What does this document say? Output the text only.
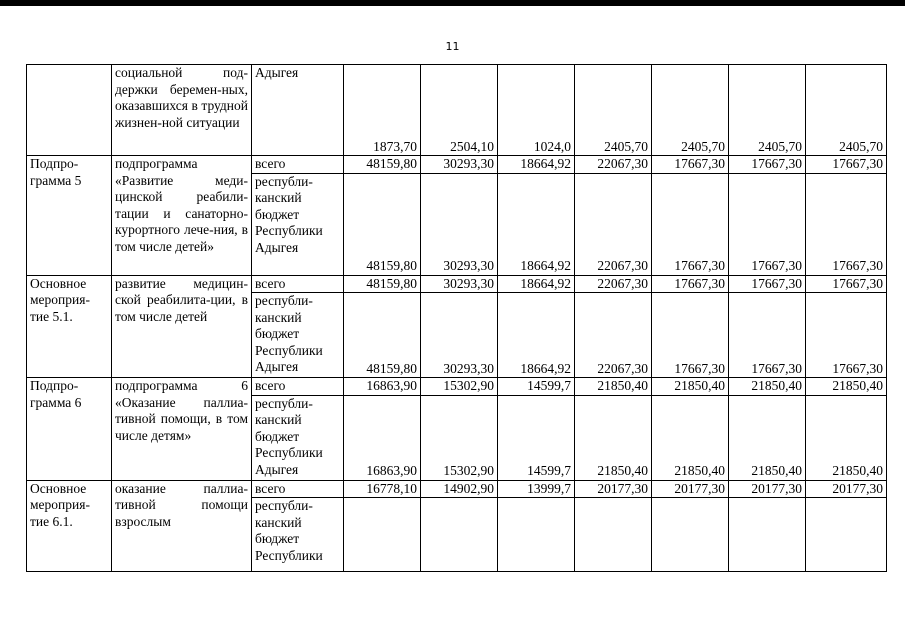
11
	социальной под-держки беремен-ных, оказавшихся в трудной жизнен-ной ситуации	Адыгея	1873,70	2504,10	1024,0	2405,70	2405,70	2405,70	2405,70
Подпро-грамма 5	подпрограмма «Развитие меди-цинской реабили-тации и санаторно-курортного лече-ния, в том числе детей»	всего	48159,80	30293,30	18664,92	22067,30	17667,30	17667,30	17667,30
		республи-канский бюджет Республики Адыгея	48159,80	30293,30	18664,92	22067,30	17667,30	17667,30	17667,30
Основное мероприя-тие 5.1.	развитие медицин-ской реабилита-ции, в том числе детей	всего	48159,80	30293,30	18664,92	22067,30	17667,30	17667,30	17667,30
		республи-канский бюджет Республики Адыгея	48159,80	30293,30	18664,92	22067,30	17667,30	17667,30	17667,30
Подпро-грамма 6	подпрограмма 6 «Оказание паллиа-тивной помощи, в том числе детям»	всего	16863,90	15302,90	14599,7	21850,40	21850,40	21850,40	21850,40
		республи-канский бюджет Республики Адыгея	16863,90	15302,90	14599,7	21850,40	21850,40	21850,40	21850,40
Основное мероприя-тие 6.1.	оказание паллиа-тивной помощи взрослым	всего	16778,10	14902,90	13999,7	20177,30	20177,30	20177,30	20177,30
		республи-канский бюджет Республики							
